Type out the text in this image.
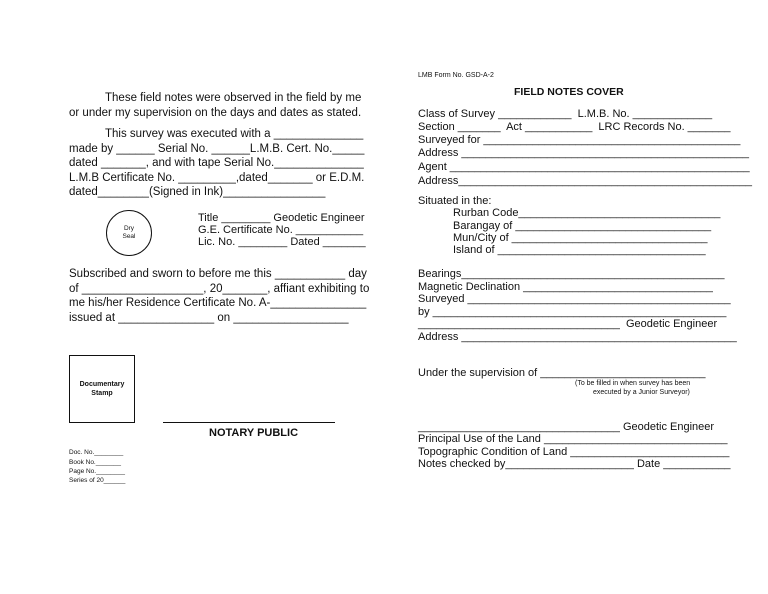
These field notes were observed in the field by me
or under my supervision on the days and dates as stated.
This survey was executed with a ______________
made by ______ Serial No. ______L.M.B. Cert. No._____
dated _______, and with tape Serial No.______________
L.M.B Certificate No. _________,dated_______ or E.D.M.
dated________(Signed in Ink)________________
Dry
Seal
Title ________ Geodetic Engineer
G.E. Certificate No. ___________
Lic. No. ________ Dated _______
Subscribed and sworn to before me this ___________ day
of ___________________, 20_______, affiant exhibiting to
me his/her Residence Certificate No. A-_______________
issued at _______________ on __________________
Documentary
Stamp
NOTARY PUBLIC
Doc. No.________
Book No._______
Page No.________
Series of 20______
LMB Form No. GSD-A-2
FIELD NOTES COVER
Class of Survey ____________  L.M.B. No. _____________
Section _______  Act ___________  LRC Records No. _______
Surveyed for __________________________________________
Address _______________________________________________
Agent _________________________________________________
Address________________________________________________
Situated in the:
Rurban Code_________________________________
Barangay of ________________________________
Mun/City of ________________________________
Island of __________________________________
Bearings___________________________________________
Magnetic Declination _______________________________
Surveyed ___________________________________________
by ________________________________________________
_________________________________  Geodetic Engineer
Address _____________________________________________
Under the supervision of ___________________________
(To be filled in when survey has been
executed by a Junior Surveyor)
_________________________________ Geodetic Engineer
Principal Use of the Land ______________________________
Topographic Condition of Land __________________________
Notes checked by_____________________ Date ___________
